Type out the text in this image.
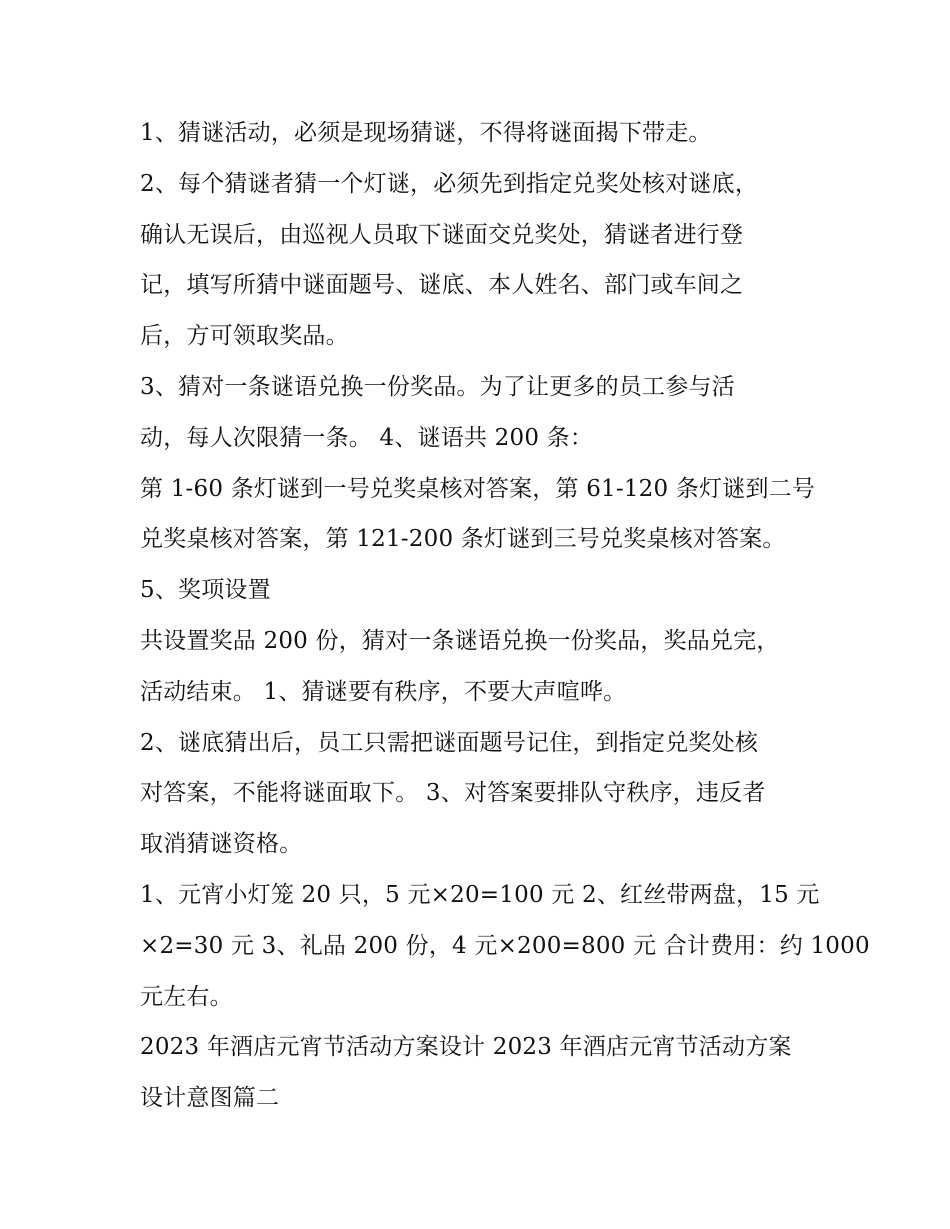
1、猜谜活动，必须是现场猜谜，不得将谜面揭下带走。
2、每个猜谜者猜一个灯谜，必须先到指定兑奖处核对谜底，
确认无误后，由巡视人员取下谜面交兑奖处，猜谜者进行登
记，填写所猜中谜面题号、谜底、本人姓名、部门或车间之
后，方可领取奖品。
3、猜对一条谜语兑换一份奖品。为了让更多的员工参与活
动，每人次限猜一条。 4、谜语共 200 条：
第 1-60 条灯谜到一号兑奖桌核对答案，第 61-120 条灯谜到二号
兑奖桌核对答案，第 121-200 条灯谜到三号兑奖桌核对答案。
5、奖项设置
共设置奖品 200 份，猜对一条谜语兑换一份奖品，奖品兑完，
活动结束。 1、猜谜要有秩序，不要大声喧哗。
2、谜底猜出后，员工只需把谜面题号记住，到指定兑奖处核
对答案，不能将谜面取下。 3、对答案要排队守秩序，违反者
取消猜谜资格。
1、元宵小灯笼 20 只，5 元×20=100 元 2、红丝带两盘，15 元
×2=30 元 3、礼品 200 份，4 元×200=800 元 合计费用：约 1000
元左右。
2023 年酒店元宵节活动方案设计 2023 年酒店元宵节活动方案
设计意图篇二
